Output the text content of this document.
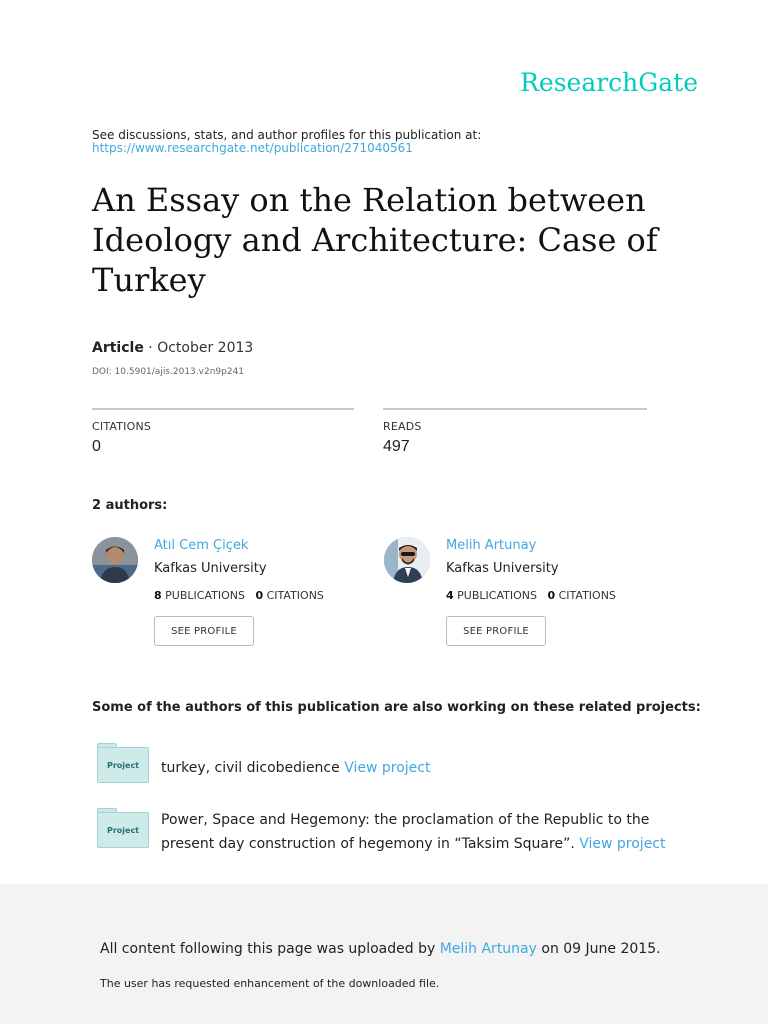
ResearchGate
See discussions, stats, and author profiles for this publication at:
https://www.researchgate.net/publication/271040561
An Essay on the Relation between Ideology and Architecture: Case of Turkey
Article · October 2013
DOI: 10.5901/ajis.2013.v2n9p241
CITATIONS
0
READS
497
2 authors:
Atıl Cem Çiçek
Kafkas University
8 PUBLICATIONS 0 CITATIONS
SEE PROFILE
Melih Artunay
Kafkas University
4 PUBLICATIONS 0 CITATIONS
SEE PROFILE
Some of the authors of this publication are also working on these related projects:
Project turkey, civil dicobedience View project
Project
Power, Space and Hegemony: the proclamation of the Republic to the present day construction of hegemony in “Taksim Square”. View project
All content following this page was uploaded by Melih Artunay on 09 June 2015.
The user has requested enhancement of the downloaded file.
